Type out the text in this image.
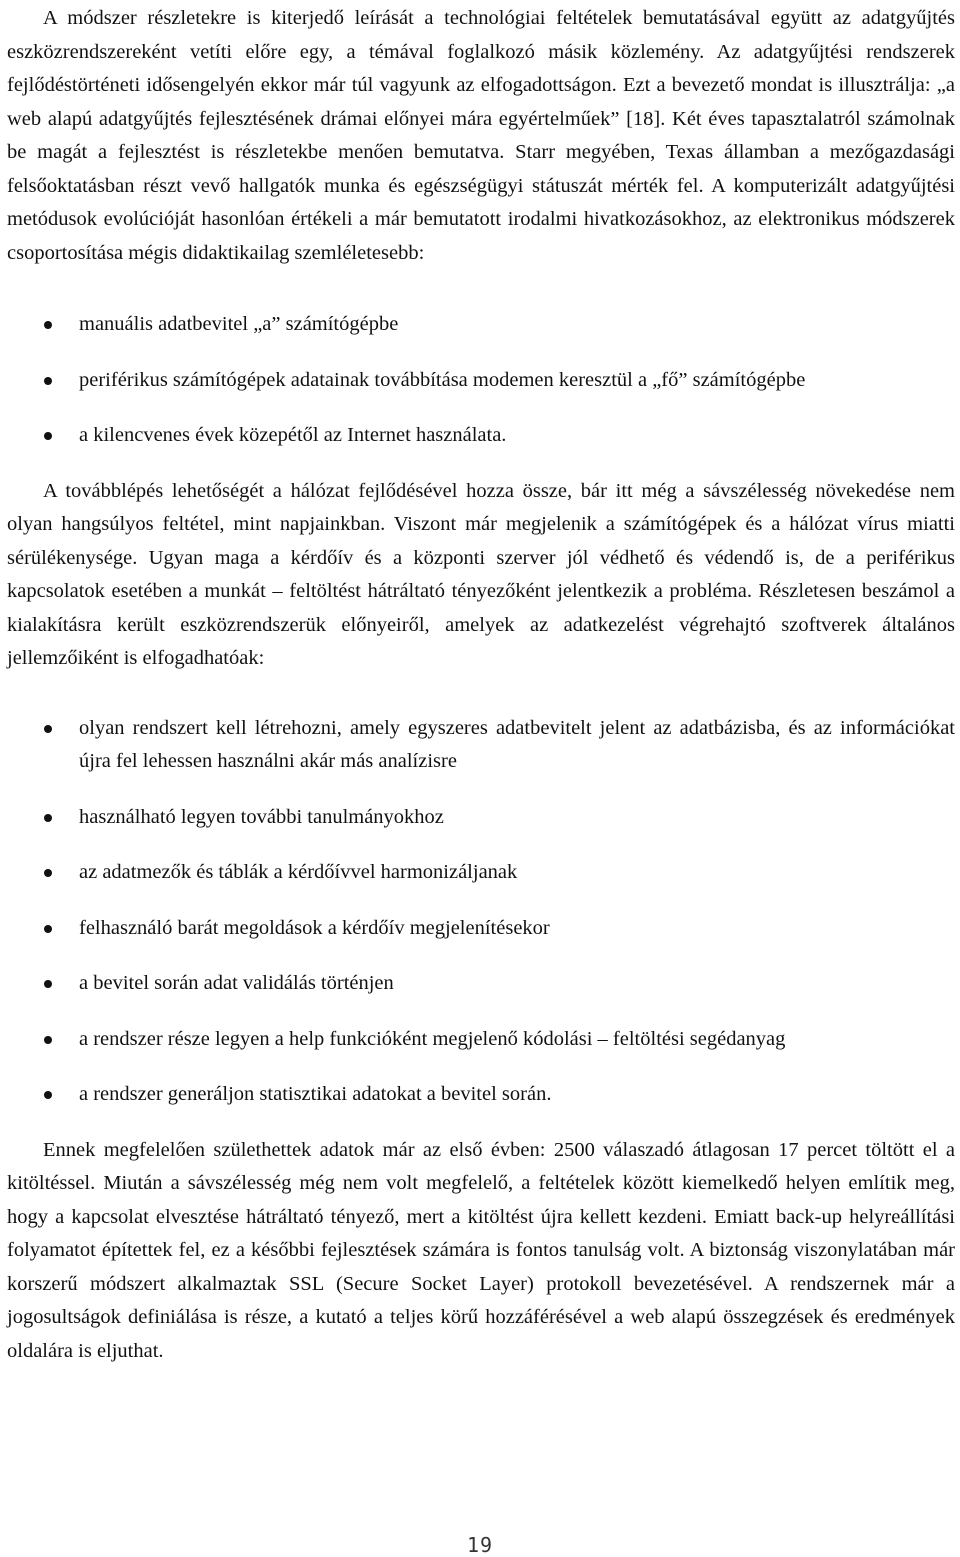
A módszer részletekre is kiterjedő leírását a technológiai feltételek bemutatásával együtt az adatgyűjtés eszközrendszereként vetíti előre egy, a témával foglalkozó másik közlemény. Az adatgyűjtési rendszerek fejlődéstörténeti idősengelyén ekkor már túl vagyunk az elfogadottságon. Ezt a bevezető mondat is illusztrálja: „a web alapú adatgyűjtés fejlesztésének drámai előnyei mára egyértelműek” [18]. Két éves tapasztalatról számolnak be magát a fejlesztést is részletekbe menően bemutatva. Starr megyében, Texas államban a mezőgazdasági felsőoktatásban részt vevő hallgatók munka és egészségügyi státuszát mérték fel. A komputerizált adatgyűjtési metódusok evolúcióját hasonlóan értékeli a már bemutatott irodalmi hivatkozásokhoz, az elektronikus módszerek csoportosítása mégis didaktikailag szemléletesebb:

manuális adatbevitel „a” számítógépbe
periférikus számítógépek adatainak továbbítása modemen keresztül a „fő” számítógépbe
a kilencvenes évek közepétől az Internet használata.

A továbblépés lehetőségét a hálózat fejlődésével hozza össze, bár itt még a sávszélesség növekedése nem olyan hangsúlyos feltétel, mint napjainkban. Viszont már megjelenik a számítógépek és a hálózat vírus miatti sérülékenysége. Ugyan maga a kérdőív és a központi szerver jól védhető és védendő is, de a periférikus kapcsolatok esetében a munkát – feltöltést hátráltató tényezőként jelentkezik a probléma. Részletesen beszámol a kialakításra került eszközrendszerük előnyeiről, amelyek az adatkezelést végrehajtó szoftverek általános jellemzőiként is elfogadhatóak:

olyan rendszert kell létrehozni, amely egyszeres adatbevitelt jelent az adatbázisba, és az információkat újra fel lehessen használni akár más analízisre
használható legyen további tanulmányokhoz
az adatmezők és táblák a kérdőívvel harmonizáljanak
felhasználó barát megoldások a kérdőív megjelenítésekor
a bevitel során adat validálás történjen
a rendszer része legyen a help funkcióként megjelenő kódolási – feltöltési segédanyag
a rendszer generáljon statisztikai adatokat a bevitel során.

Ennek megfelelően születhettek adatok már az első évben: 2500 válaszadó átlagosan 17 percet töltött el a kitöltéssel. Miután a sávszélesség még nem volt megfelelő, a feltételek között kiemelkedő helyen említik meg, hogy a kapcsolat elvesztése hátráltató tényező, mert a kitöltést újra kellett kezdeni. Emiatt back-up helyreállítási folyamatot építettek fel, ez a későbbi fejlesztések számára is fontos tanulság volt. A biztonság viszonylatában már korszerű módszert alkalmaztak SSL (Secure Socket Layer) protokoll bevezetésével. A rendszernek már a jogosultságok definiálása is része, a kutató a teljes körű hozzáférésével a web alapú összegzések és eredmények oldalára is eljuthat.

19
